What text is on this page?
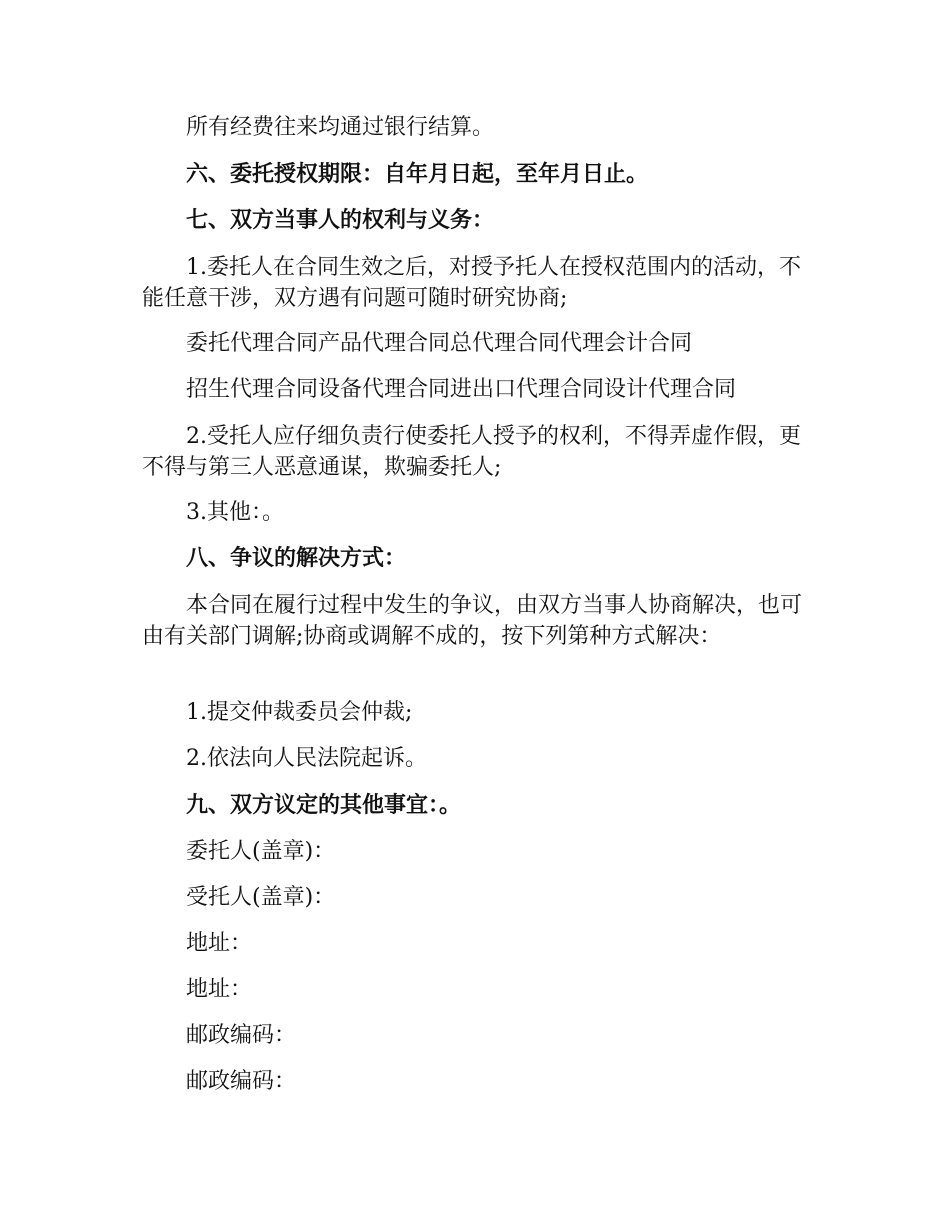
所有经费往来均通过银行结算。

六、委托授权期限：自年月日起，至年月日止。

七、双方当事人的权利与义务：

1.委托人在合同生效之后，对授予托人在授权范围内的活动，不能任意干涉，双方遇有问题可随时研究协商;

委托代理合同产品代理合同总代理合同代理会计合同

招生代理合同设备代理合同进出口代理合同设计代理合同

2.受托人应仔细负责行使委托人授予的权利，不得弄虚作假，更不得与第三人恶意通谋，欺骗委托人;

3.其他：。

八、争议的解决方式：

本合同在履行过程中发生的争议，由双方当事人协商解决，也可由有关部门调解;协商或调解不成的，按下列第种方式解决：

1.提交仲裁委员会仲裁;

2.依法向人民法院起诉。

九、双方议定的其他事宜：。

委托人(盖章)：

受托人(盖章)：

地址：

地址：

邮政编码：

邮政编码：
